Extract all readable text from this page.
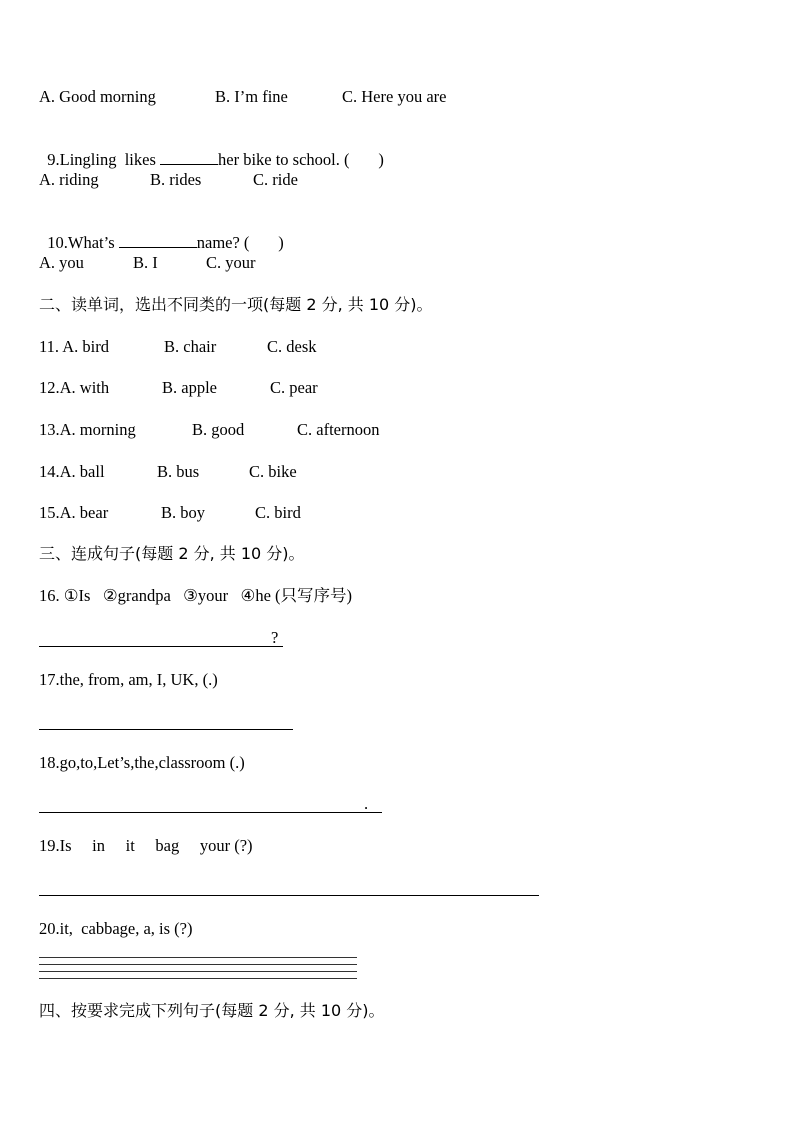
A. Good morning	B. I’m fine	C. Here you are

9.Lingling  likes	her bike to school. (       )

A. riding	B. rides	C. ride

10.What’s	name? (       )

A. you	B. I	C. your
二、读单词，选出不同类的一项(每题 2 分, 共 10 分)。
11. A. bird	B. chair	C. desk
12.A. with	B. apple	C. pear
13.A. morning	B. good	C. afternoon
14.A. ball	B. bus	C. bike
15.A. bear	B. boy	C. bird
三、连成句子(每题 2 分, 共 10 分)。
16. ①Is   ②grandpa   ③your   ④he (只写序号)
?
17.the, from, am, I, UK, (.)
18.go,to,Let’s,the,classroom (.)
.
19.Is     in     it     bag     your (?)
20.it,  cabbage, a, is (?)
四、按要求完成下列句子(每题 2 分, 共 10 分)。
